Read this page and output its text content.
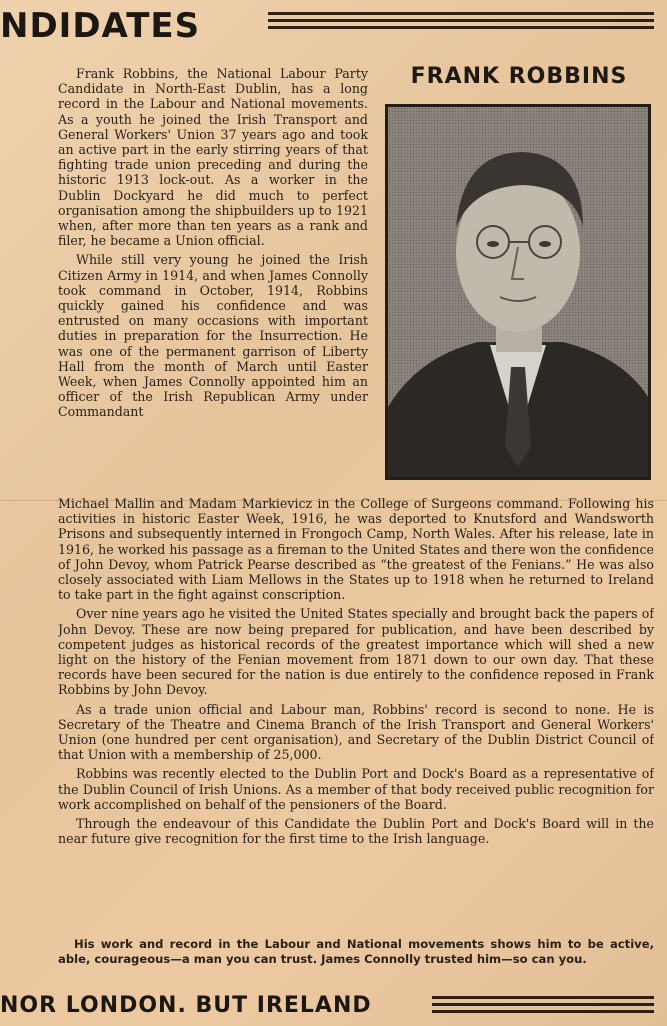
NDIDATES
FRANK ROBBINS

Frank Robbins, the National Labour Party Candidate in North-East Dublin, has a long record in the Labour and National movements. As a youth he joined the Irish Transport and General Workers' Union 37 years ago and took an active part in the early stirring years of that fighting trade union preceding and during the historic 1913 lock-out. As a worker in the Dublin Dockyard he did much to perfect organisation among the shipbuilders up to 1921 when, after more than ten years as a rank and filer, he became a Union official.

While still very young he joined the Irish Citizen Army in 1914, and when James Connolly took command in October, 1914, Robbins quickly gained his confidence and was entrusted on many occasions with important duties in preparation for the Insurrection. He was one of the permanent garrison of Liberty Hall from the month of March until Easter Week, when James Connolly appointed him an officer of the Irish Republican Army under Commandant

Michael Mallin and Madam Markievicz in the College of Surgeons command. Following his activities in historic Easter Week, 1916, he was deported to Knutsford and Wandsworth Prisons and subsequently interned in Frongoch Camp, North Wales. After his release, late in 1916, he worked his passage as a fireman to the United States and there won the confidence of John Devoy, whom Patrick Pearse described as “the greatest of the Fenians.” He was also closely associated with Liam Mellows in the States up to 1918 when he returned to Ireland to take part in the fight against conscription.

Over nine years ago he visited the United States specially and brought back the papers of John Devoy. These are now being prepared for publication, and have been described by competent judges as historical records of the greatest importance which will shed a new light on the history of the Fenian movement from 1871 down to our own day. That these records have been secured for the nation is due entirely to the confidence reposed in Frank Robbins by John Devoy.

As a trade union official and Labour man, Robbins' record is second to none. He is Secretary of the Theatre and Cinema Branch of the Irish Transport and General Workers' Union (one hundred per cent organisation), and Secretary of the Dublin District Council of that Union with a membership of 25,000.

Robbins was recently elected to the Dublin Port and Dock's Board as a representative of the Dublin Council of Irish Unions. As a member of that body received public recognition for work accomplished on behalf of the pensioners of the Board.

Through the endeavour of this Candidate the Dublin Port and Dock's Board will in the near future give recognition for the first time to the Irish language.

His work and record in the Labour and National movements shows him to be active, able, courageous—a man you can trust. James Connolly trusted him—so can you.
NOR LONDON. BUT IRELAND
